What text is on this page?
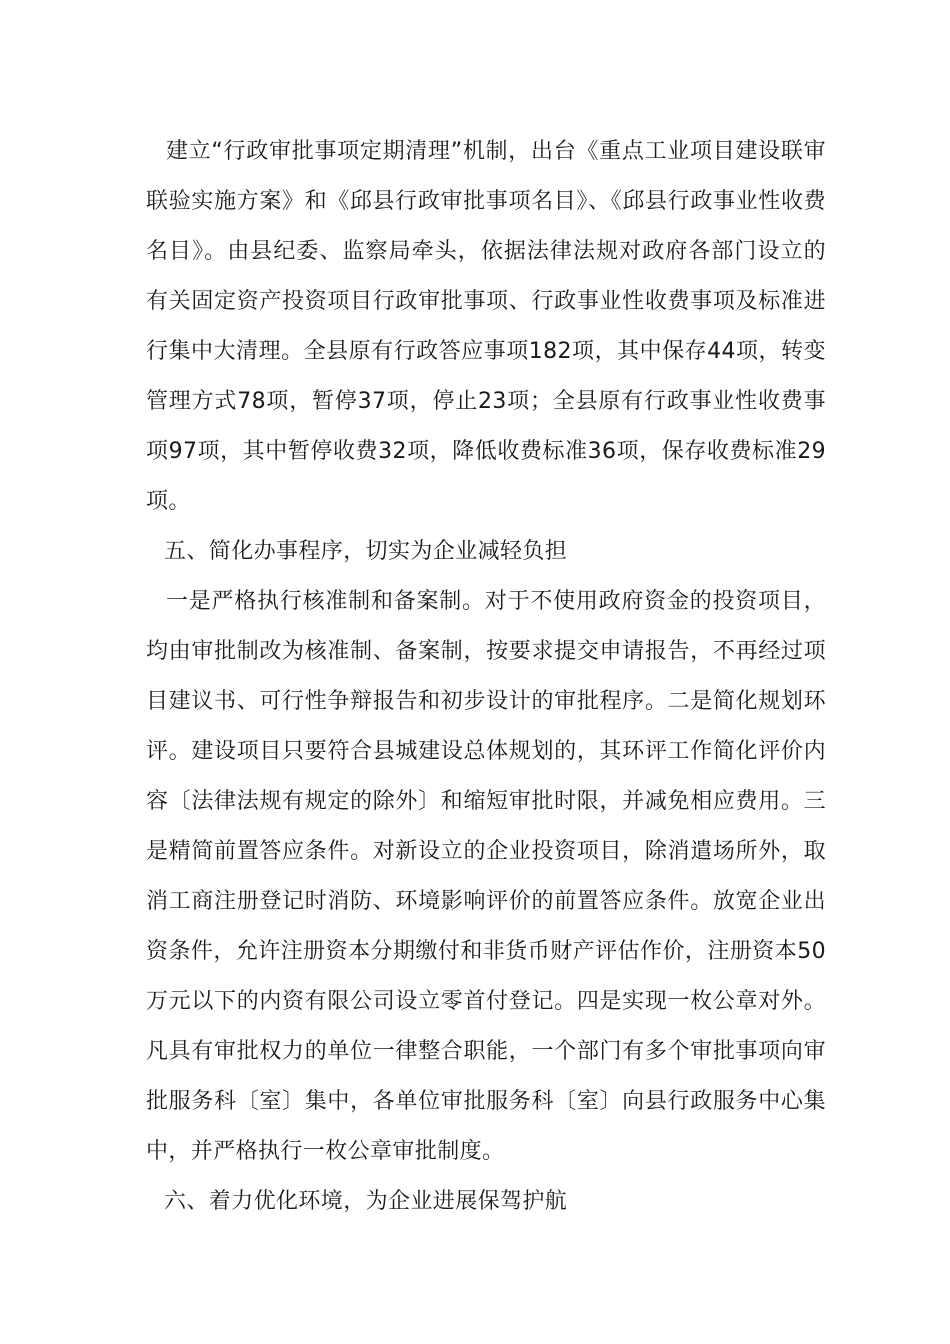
建立“行政审批事项定期清理”机制，出台《重点工业项目建设联审联验实施方案》和《邱县行政审批事项名目》、《邱县行政事业性收费名目》。由县纪委、监察局牵头，依据法律法规对政府各部门设立的有关固定资产投资项目行政审批事项、行政事业性收费事项及标准进行集中大清理。全县原有行政答应事项182项，其中保存44项，转变管理方式78项，暂停37项，停止23项；全县原有行政事业性收费事项97项，其中暂停收费32项，降低收费标准36项，保存收费标准29项。

五、简化办事程序，切实为企业减轻负担

一是严格执行核准制和备案制。对于不使用政府资金的投资项目，均由审批制改为核准制、备案制，按要求提交申请报告，不再经过项目建议书、可行性争辩报告和初步设计的审批程序。二是简化规划环评。建设项目只要符合县城建设总体规划的，其环评工作简化评价内容〔法律法规有规定的除外〕和缩短审批时限，并减免相应费用。三是精简前置答应条件。对新设立的企业投资项目，除消遣场所外，取消工商注册登记时消防、环境影响评价的前置答应条件。放宽企业出资条件，允许注册资本分期缴付和非货币财产评估作价，注册资本50万元以下的内资有限公司设立零首付登记。四是实现一枚公章对外。凡具有审批权力的单位一律整合职能，一个部门有多个审批事项向审批服务科〔室〕集中，各单位审批服务科〔室〕向县行政服务中心集中，并严格执行一枚公章审批制度。

六、着力优化环境，为企业进展保驾护航
